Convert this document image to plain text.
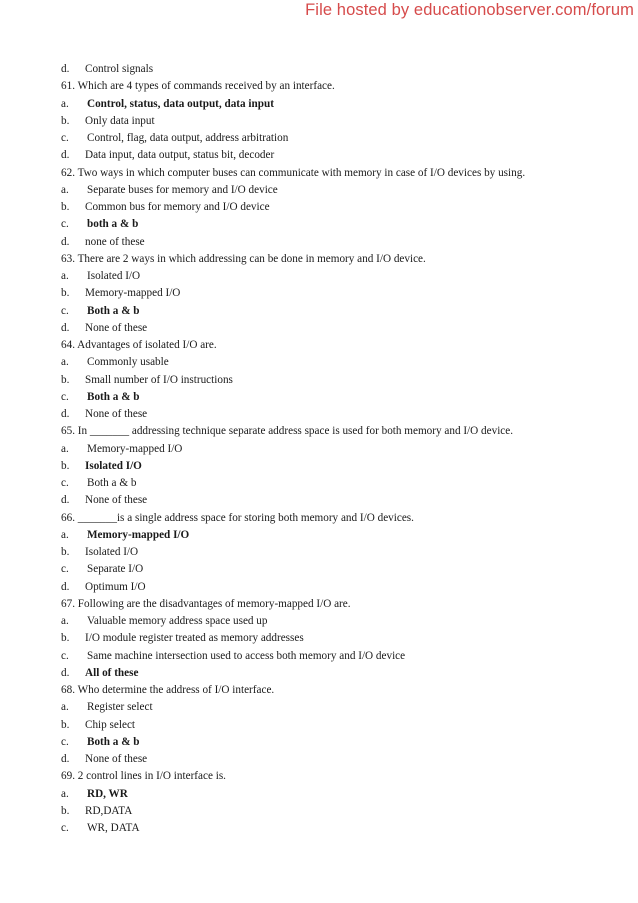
File hosted by educationobserver.com/forum
d.	Control signals
61. Which are 4 types of commands received by an interface.
a.	Control, status, data output, data input
b.	Only data input
c.	Control, flag, data output, address arbitration
d.	Data input, data output, status bit, decoder
62. Two ways in which computer buses can communicate with memory in case of I/O devices by using.
a.	Separate buses for memory and I/O device
b.	Common bus for memory and I/O device
c.	both a & b
d.	none of these
63. There are 2 ways in which addressing can be done in memory and I/O device.
a.	Isolated I/O
b.	Memory-mapped I/O
c.	Both a & b
d.	None of these
64. Advantages of isolated I/O are.
a.	Commonly usable
b.	Small number of I/O instructions
c.	Both a & b
d.	None of these
65. In _______ addressing technique separate address space is used for both memory and I/O device.
a.	Memory-mapped I/O
b.	Isolated I/O
c.	Both a & b
d.	None of these
66. _______is a single address space for storing both memory and I/O devices.
a.	Memory-mapped I/O
b.	Isolated I/O
c.	Separate I/O
d.	Optimum I/O
67. Following are the disadvantages of memory-mapped I/O are.
a.	Valuable memory address space used up
b.	I/O module register treated as memory addresses
c.	Same machine intersection used to access both memory and I/O device
d.	All of these
68. Who determine the address of I/O interface.
a.	Register select
b.	Chip select
c.	Both a & b
d.	None of these
69. 2 control lines in I/O interface is.
a.	RD, WR
b.	RD,DATA
c.	WR, DATA
